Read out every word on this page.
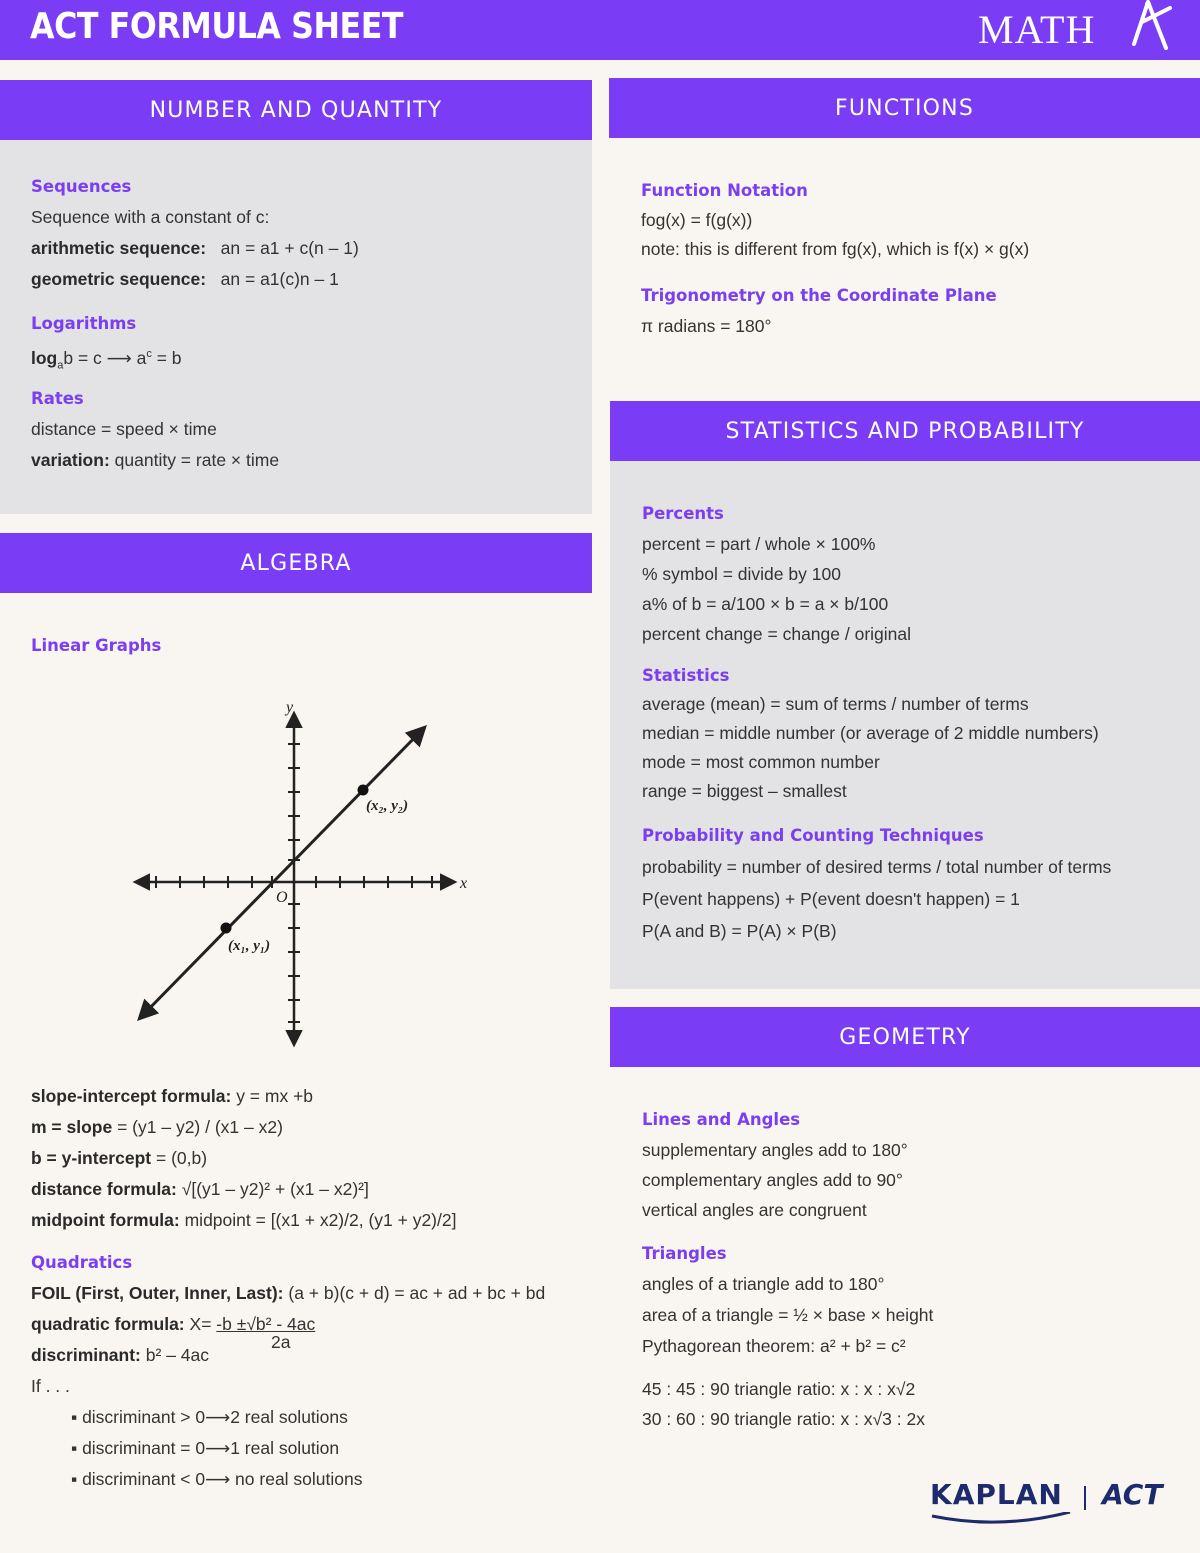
ACT FORMULA SHEET	MATH
NUMBER AND QUANTITY
Sequences
Sequence with a constant of c:
arithmetic sequence: an = a1 + c(n – 1)
geometric sequence: an = a1(c)n – 1
Logarithms
$\log_ab = c$ ⟶ $a^c = b$
Rates
distance = speed × time
variation: quantity = rate × time
ALGEBRA
Linear Graphs
y
x
O
(x₂, y₂)
(x₁, y₁)
slope-intercept formula: y = mx +b
m = slope = (y1 – y2) / (x1 – x2)
b = y-intercept = (0,b)
distance formula: √[(y1 – y2)² + (x1 – x2)²]
midpoint formula: midpoint = [(x1 + x2)/2, (y1 + y2)/2]
Quadratics
FOIL (First, Outer, Inner, Last): (a + b)(c + d) = ac + ad + bc + bd
quadratic formula: X= -b ±√b² - 4ac
2a
discriminant: b² – 4ac
If . . .
▪ discriminant > 0⟶2 real solutions
▪ discriminant = 0⟶1 real solution
▪ discriminant < 0⟶ no real solutions
FUNCTIONS
Function Notation
fog(x) = f(g(x))
note: this is different from fg(x), which is f(x) × g(x)
Trigonometry on the Coordinate Plane
π radians = 180°
STATISTICS AND PROBABILITY
Percents
percent = part / whole × 100%
% symbol = divide by 100
a% of b = a/100 × b = a × b/100
percent change = change / original
Statistics
average (mean) = sum of terms / number of terms
median = middle number (or average of 2 middle numbers)
mode = most common number
range = biggest – smallest
Probability and Counting Techniques
probability = number of desired terms / total number of terms
P(event happens) + P(event doesn't happen) = 1
P(A and B) = P(A) × P(B)
GEOMETRY
Lines and Angles
supplementary angles add to 180°
complementary angles add to 90°
vertical angles are congruent
Triangles
angles of a triangle add to 180°
area of a triangle = ½ × base × height
Pythagorean theorem: a² + b² = c²
45 : 45 : 90 triangle ratio: x : x : x√2
30 : 60 : 90 triangle ratio: x : x√3 : 2x
KAPLAN ACT
